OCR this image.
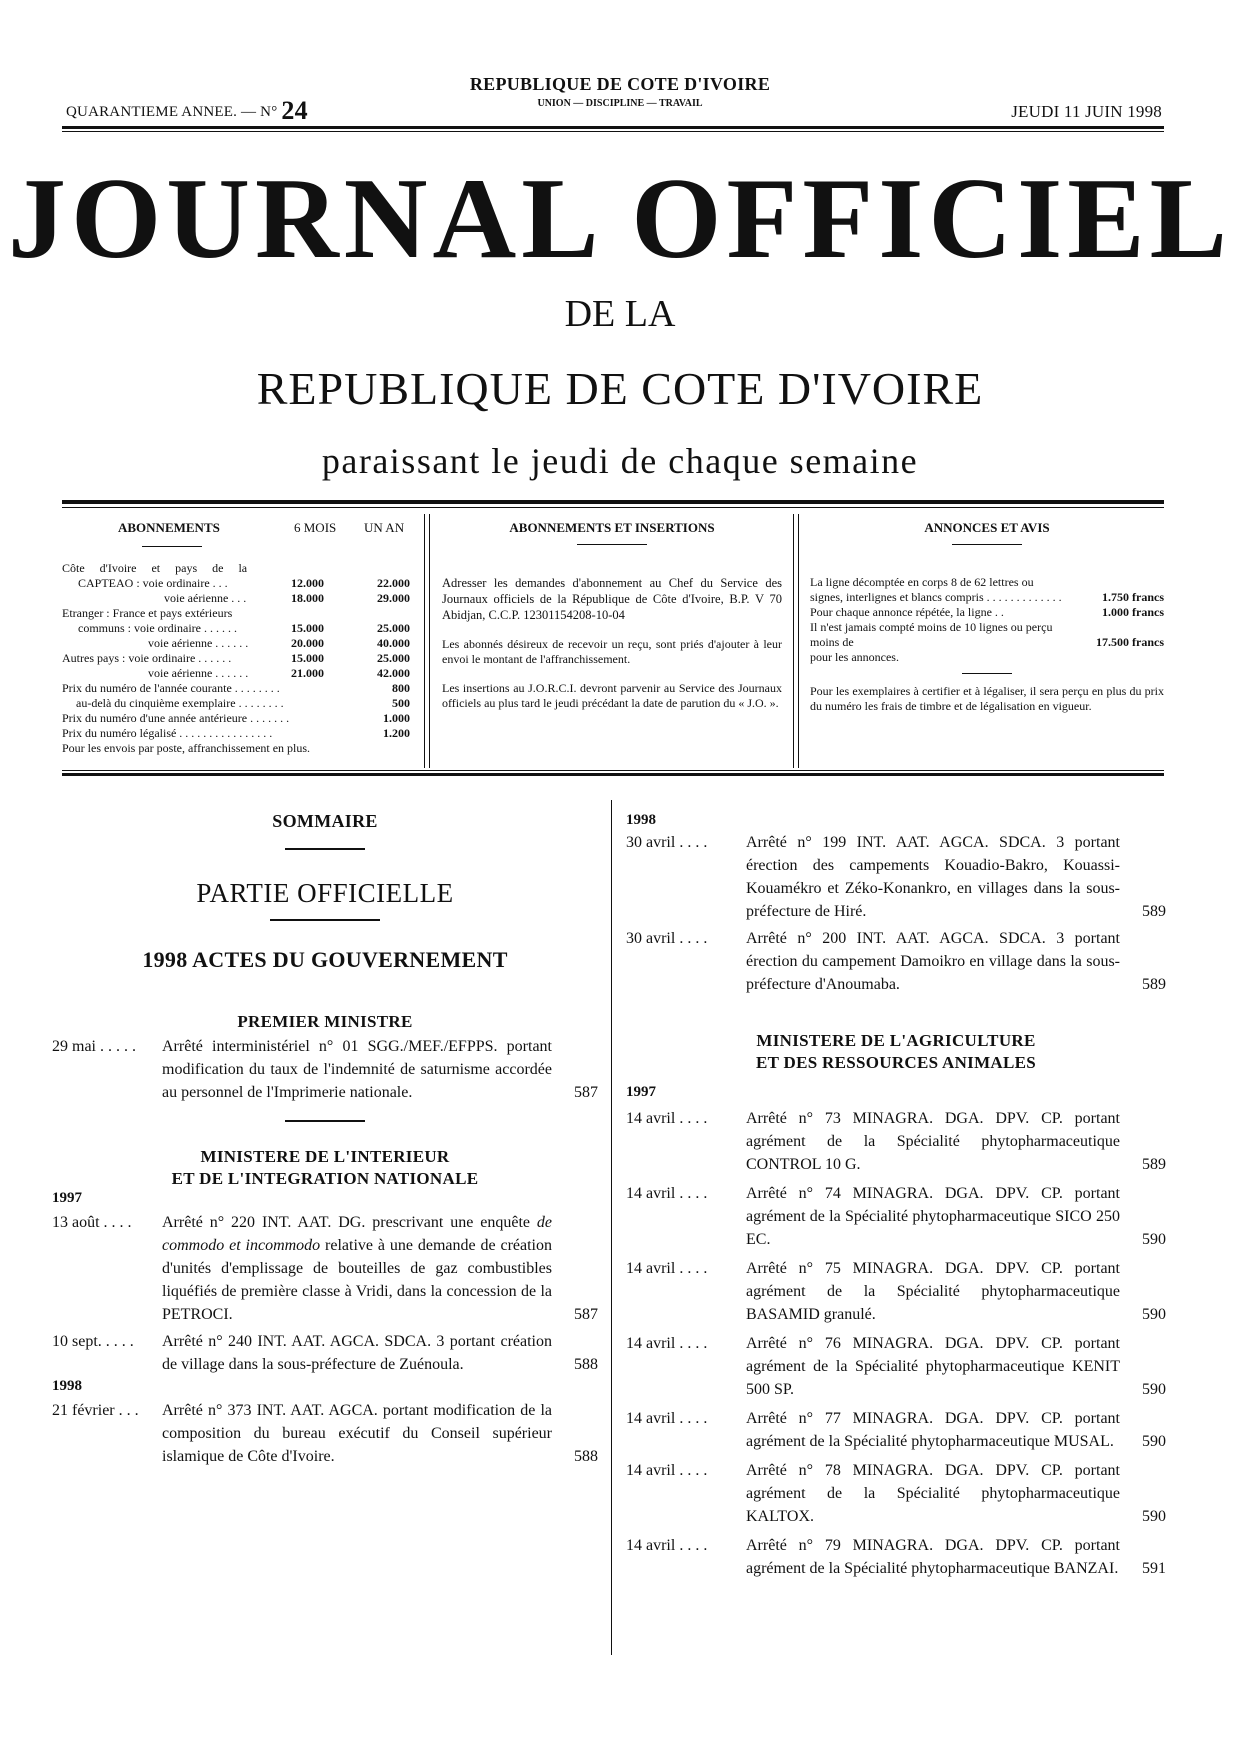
QUARANTIEME ANNEE. — N° 24
REPUBLIQUE DE COTE D'IVOIRE
UNION — DISCIPLINE — TRAVAIL	JEUDI 11 JUIN 1998
JOURNAL OFFICIEL
DE LA
REPUBLIQUE DE COTE D'IVOIRE
paraissant le jeudi de chaque semaine
ABONNEMENTS	6 MOIS UN AN
Côte d'Ivoire et pays de la
CAPTEAO : voie ordinaire . . .	12.000	22.000
voie aérienne . . .	18.000	29.000
Etranger : France et pays extérieurs
communs : voie ordinaire . . . . . .	15.000	25.000
voie aérienne . . . . . .	20.000	40.000
Autres pays : voie ordinaire . . . . . .	15.000	25.000
voie aérienne . . . . . .	21.000	42.000
Prix du numéro de l'année courante . . . . . . . .	800
au-delà du cinquième exemplaire . . . . . . . .	500
Prix du numéro d'une année antérieure . . . . . . .	1.000
Prix du numéro légalisé . . . . . . . . . . . . . . . .	1.200
Pour les envois par poste, affranchissement en plus.
ABONNEMENTS ET INSERTIONS
Adresser les demandes d'abonnement au Chef du Service des Journaux officiels de la République de Côte d'Ivoire, B.P. V 70 Abidjan, C.C.P. 12301154208-10-04
Les abonnés désireux de recevoir un reçu, sont priés d'ajouter à leur envoi le montant de l'affranchissement.
Les insertions au J.O.R.C.I. devront parvenir au Service des Journaux officiels au plus tard le jeudi précédant la date de parution du « J.O. ».
ANNONCES ET AVIS
La ligne décomptée en corps 8 de 62 lettres ou signes, interlignes et blancs compris . . . . . . . . . . . . .	1.750 francs
Pour chaque annonce répétée, la ligne . .	1.000 francs
Il n'est jamais compté moins de 10 lignes ou perçu moins de	17.500 francs
pour les annonces.
Pour les exemplaires à certifier et à légaliser, il sera perçu en plus du prix du numéro les frais de timbre et de légalisation en vigueur.
SOMMAIRE
PARTIE OFFICIELLE
1998 ACTES DU GOUVERNEMENT
PREMIER MINISTRE
29 mai . . . . . Arrêté interministériel n° 01 SGG./MEF./EFPPS. portant modification du taux de l'indemnité de saturnisme accordée au personnel de l'Imprimerie nationale.	587
MINISTERE DE L'INTERIEUR
ET DE L'INTEGRATION NATIONALE
1997
13 août . . . . Arrêté n° 220 INT. AAT. DG. prescrivant une enquête de commodo et incommodo relative à une demande de création d'unités d'emplissage de bouteilles de gaz combustibles liquéfiés de première classe à Vridi, dans la concession de la PETROCI.	587
10 sept. . . . . Arrêté n° 240 INT. AAT. AGCA. SDCA. 3 portant création de village dans la sous-préfecture de Zuénoula.	588
1998
21 février . . . Arrêté n° 373 INT. AAT. AGCA. portant modification de la composition du bureau exécutif du Conseil supérieur islamique de Côte d'Ivoire.	588
1998
30 avril . . . . Arrêté n° 199 INT. AAT. AGCA. SDCA. 3 portant érection des campements Kouadio-Bakro, Kouassi-Kouamékro et Zéko-Konankro, en villages dans la sous-préfecture de Hiré.	589
30 avril . . . . Arrêté n° 200 INT. AAT. AGCA. SDCA. 3 portant érection du campement Damoikro en village dans la sous-préfecture d'Anoumaba.	589
MINISTERE DE L'AGRICULTURE
ET DES RESSOURCES ANIMALES
1997
14 avril . . . . Arrêté n° 73 MINAGRA. DGA. DPV. CP. portant agrément de la Spécialité phytopharmaceutique CONTROL 10 G.	589
14 avril . . . . Arrêté n° 74 MINAGRA. DGA. DPV. CP. portant agrément de la Spécialité phytopharmaceutique SICO 250 EC.	590
14 avril . . . . Arrêté n° 75 MINAGRA. DGA. DPV. CP. portant agrément de la Spécialité phytopharmaceutique BASAMID granulé.	590
14 avril . . . . Arrêté n° 76 MINAGRA. DGA. DPV. CP. portant agrément de la Spécialité phytopharmaceutique KENIT 500 SP.	590
14 avril . . . . Arrêté n° 77 MINAGRA. DGA. DPV. CP. portant agrément de la Spécialité phytopharmaceutique MUSAL.	590
14 avril . . . . Arrêté n° 78 MINAGRA. DGA. DPV. CP. portant agrément de la Spécialité phytopharmaceutique KALTOX.	590
14 avril . . . . Arrêté n° 79 MINAGRA. DGA. DPV. CP. portant agrément de la Spécialité phytopharmaceutique BANZAI. 591
